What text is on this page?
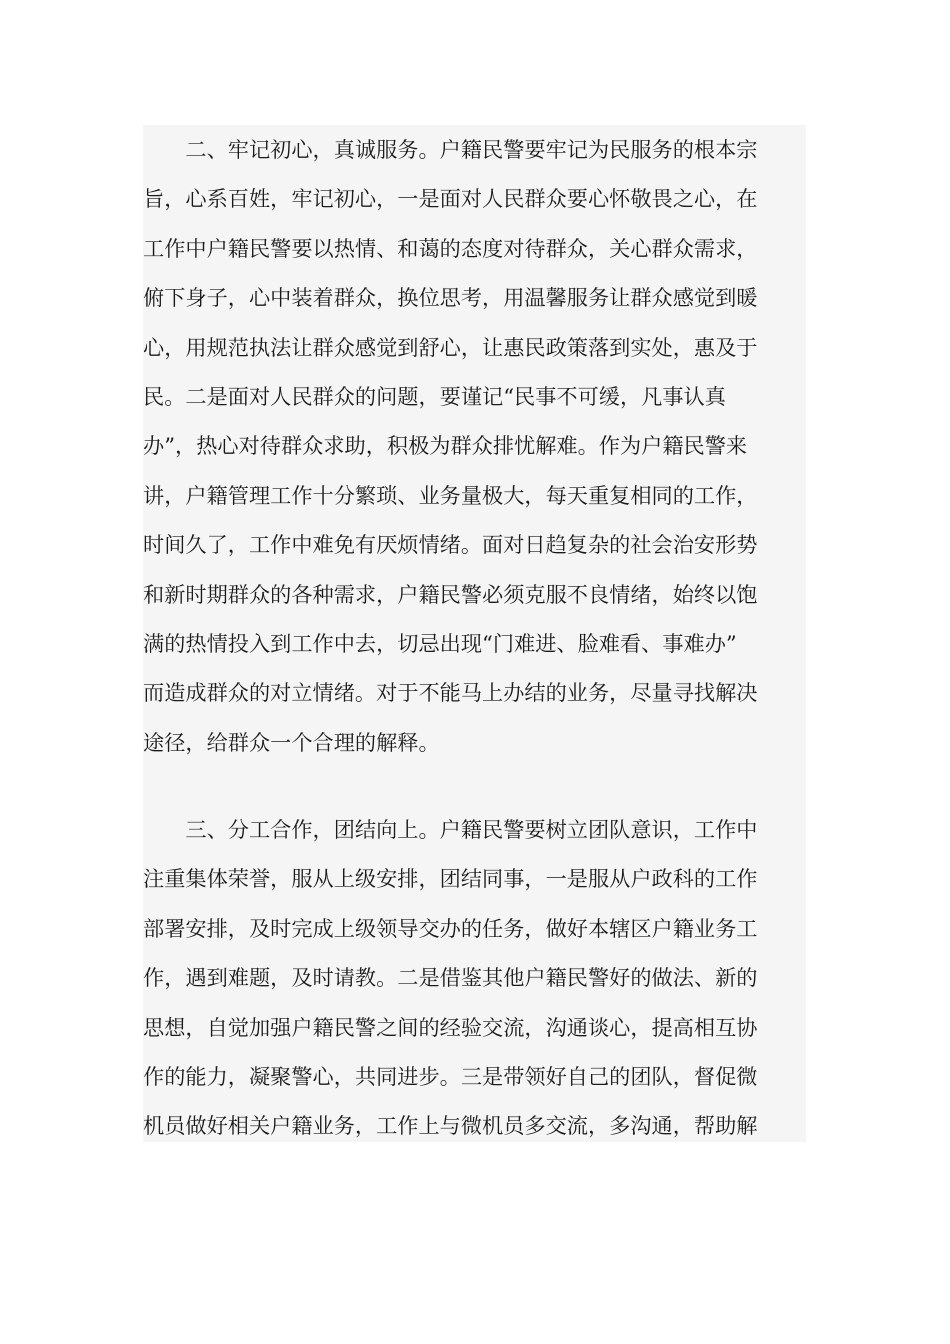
　　二、牢记初心，真诚服务。户籍民警要牢记为民服务的根本宗
旨，心系百姓，牢记初心，一是面对人民群众要心怀敬畏之心，在
工作中户籍民警要以热情、和蔼的态度对待群众，关心群众需求，
俯下身子，心中装着群众，换位思考，用温馨服务让群众感觉到暖
心，用规范执法让群众感觉到舒心，让惠民政策落到实处，惠及于
民。二是面对人民群众的问题，要谨记“民事不可缓，凡事认真
办”，热心对待群众求助，积极为群众排忧解难。作为户籍民警来
讲，户籍管理工作十分繁琐、业务量极大，每天重复相同的工作，
时间久了，工作中难免有厌烦情绪。面对日趋复杂的社会治安形势
和新时期群众的各种需求，户籍民警必须克服不良情绪，始终以饱
满的热情投入到工作中去，切忌出现“门难进、脸难看、事难办”
而造成群众的对立情绪。对于不能马上办结的业务，尽量寻找解决
途径，给群众一个合理的解释。
　　三、分工合作，团结向上。户籍民警要树立团队意识，工作中
注重集体荣誉，服从上级安排，团结同事，一是服从户政科的工作
部署安排，及时完成上级领导交办的任务，做好本辖区户籍业务工
作，遇到难题，及时请教。二是借鉴其他户籍民警好的做法、新的
思想，自觉加强户籍民警之间的经验交流，沟通谈心，提高相互协
作的能力，凝聚警心，共同进步。三是带领好自己的团队，督促微
机员做好相关户籍业务，工作上与微机员多交流，多沟通，帮助解
